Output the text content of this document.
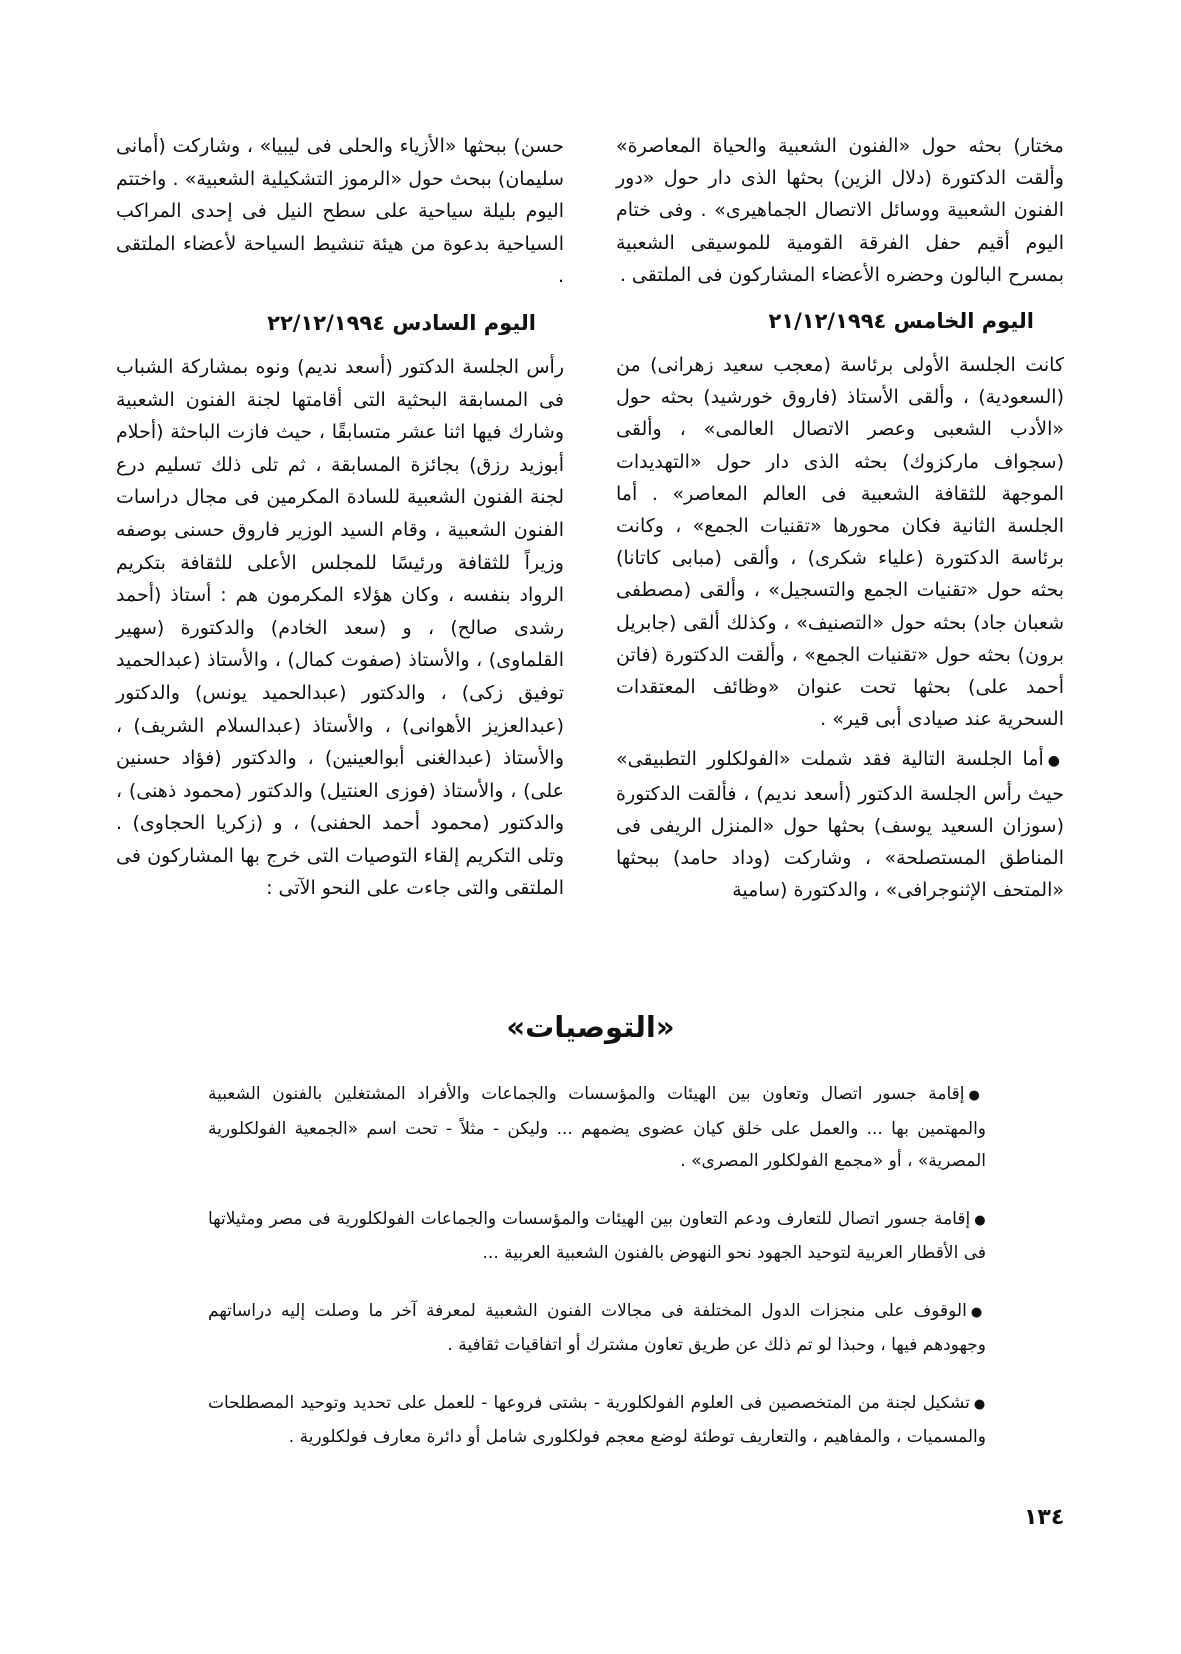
مختار) بحثه حول «الفنون الشعبية والحياة المعاصرة» وألقت الدكتورة (دلال الزين) بحثها الذى دار حول «دور الفنون الشعبية ووسائل الاتصال الجماهيرى» . وفى ختام اليوم أقيم حفل الفرقة القومية للموسيقى الشعبية بمسرح البالون وحضره الأعضاء المشاركون فى الملتقى .

اليوم الخامس ٢١/١٢/١٩٩٤

كانت الجلسة الأولى برئاسة (معجب سعيد زهرانى) من (السعودية) ، وألقى الأستاذ (فاروق خورشيد) بحثه حول «الأدب الشعبى وعصر الاتصال العالمى» ، وألقى (سجواف ماركزوك) بحثه الذى دار حول «التهديدات الموجهة للثقافة الشعبية فى العالم المعاصر» . أما الجلسة الثانية فكان محورها «تقنيات الجمع» ، وكانت برئاسة الدكتورة (علياء شكرى) ، وألقى (مبابى كاتانا) بحثه حول «تقنيات الجمع والتسجيل» ، وألقى (مصطفى شعبان جاد) بحثه حول «التصنيف» ، وكذلك ألقى (جابريل برون) بحثه حول «تقنيات الجمع» ، وألقت الدكتورة (فاتن أحمد على) بحثها تحت عنوان «وظائف المعتقدات السحرية عند صيادى أبى قير» .

●أما الجلسة التالية فقد شملت «الفولكلور التطبيقى» حيث رأس الجلسة الدكتور (أسعد نديم) ، فألقت الدكتورة (سوزان السعيد يوسف) بحثها حول «المنزل الريفى فى المناطق المستصلحة» ، وشاركت (وداد حامد) ببحثها «المتحف الإثنوجرافى» ، والدكتورة (سامية

حسن) ببحثها «الأزياء والحلى فى ليبيا» ، وشاركت (أمانى سليمان) ببحث حول «الرموز التشكيلية الشعبية» . واختتم اليوم بليلة سياحية على سطح النيل فى إحدى المراكب السياحية بدعوة من هيئة تنشيط السياحة لأعضاء الملتقى .

اليوم السادس ٢٢/١٢/١٩٩٤

رأس الجلسة الدكتور (أسعد نديم) ونوه بمشاركة الشباب فى المسابقة البحثية التى أقامتها لجنة الفنون الشعبية وشارك فيها اثنا عشر متسابقًا ، حيث فازت الباحثة (أحلام أبوزيد رزق) بجائزة المسابقة ، ثم تلى ذلك تسليم درع لجنة الفنون الشعبية للسادة المكرمين فى مجال دراسات الفنون الشعبية ، وقام السيد الوزير فاروق حسنى بوصفه وزيراً للثقافة ورئيسًا للمجلس الأعلى للثقافة بتكريم الرواد بنفسه ، وكان هؤلاء المكرمون هم : أستاذ (أحمد رشدى صالح) ، و (سعد الخادم) والدكتورة (سهير القلماوى) ، والأستاذ (صفوت كمال) ، والأستاذ (عبدالحميد توفيق زكى) ، والدكتور (عبدالحميد يونس) والدكتور (عبدالعزيز الأهوانى) ، والأستاذ (عبدالسلام الشريف) ، والأستاذ (عبدالغنى أبوالعينين) ، والدكتور (فؤاد حسنين على) ، والأستاذ (فوزى العنتيل) والدكتور (محمود ذهنى) ، والدكتور (محمود أحمد الحفنى) ، و (زكريا الحجاوى) . وتلى التكريم إلقاء التوصيات التى خرج بها المشاركون فى الملتقى والتى جاءت على النحو الآتى :

«التوصيات»
●إقامة جسور اتصال وتعاون بين الهيئات والمؤسسات والجماعات والأفراد المشتغلين بالفنون الشعبية والمهتمين بها ... والعمل على خلق كيان عضوى يضمهم ... وليكن - مثلاً - تحت اسم «الجمعية الفولكلورية المصرية» ، أو «مجمع الفولكلور المصرى» .
●إقامة جسور اتصال للتعارف ودعم التعاون بين الهيئات والمؤسسات والجماعات الفولكلورية فى مصر ومثيلاتها فى الأقطار العربية لتوحيد الجهود نحو النهوض بالفنون الشعبية العربية ...
●الوقوف على منجزات الدول المختلفة فى مجالات الفنون الشعبية لمعرفة آخر ما وصلت إليه دراساتهم وجهودهم فيها ، وحبذا لو تم ذلك عن طريق تعاون مشترك أو اتفاقيات ثقافية .
●تشكيل لجنة من المتخصصين فى العلوم الفولكلورية - بشتى فروعها - للعمل على تحديد وتوحيد المصطلحات والمسميات ، والمفاهيم ، والتعاريف توطئة لوضع معجم فولكلورى شامل أو دائرة معارف فولكلورية .
١٣٤
